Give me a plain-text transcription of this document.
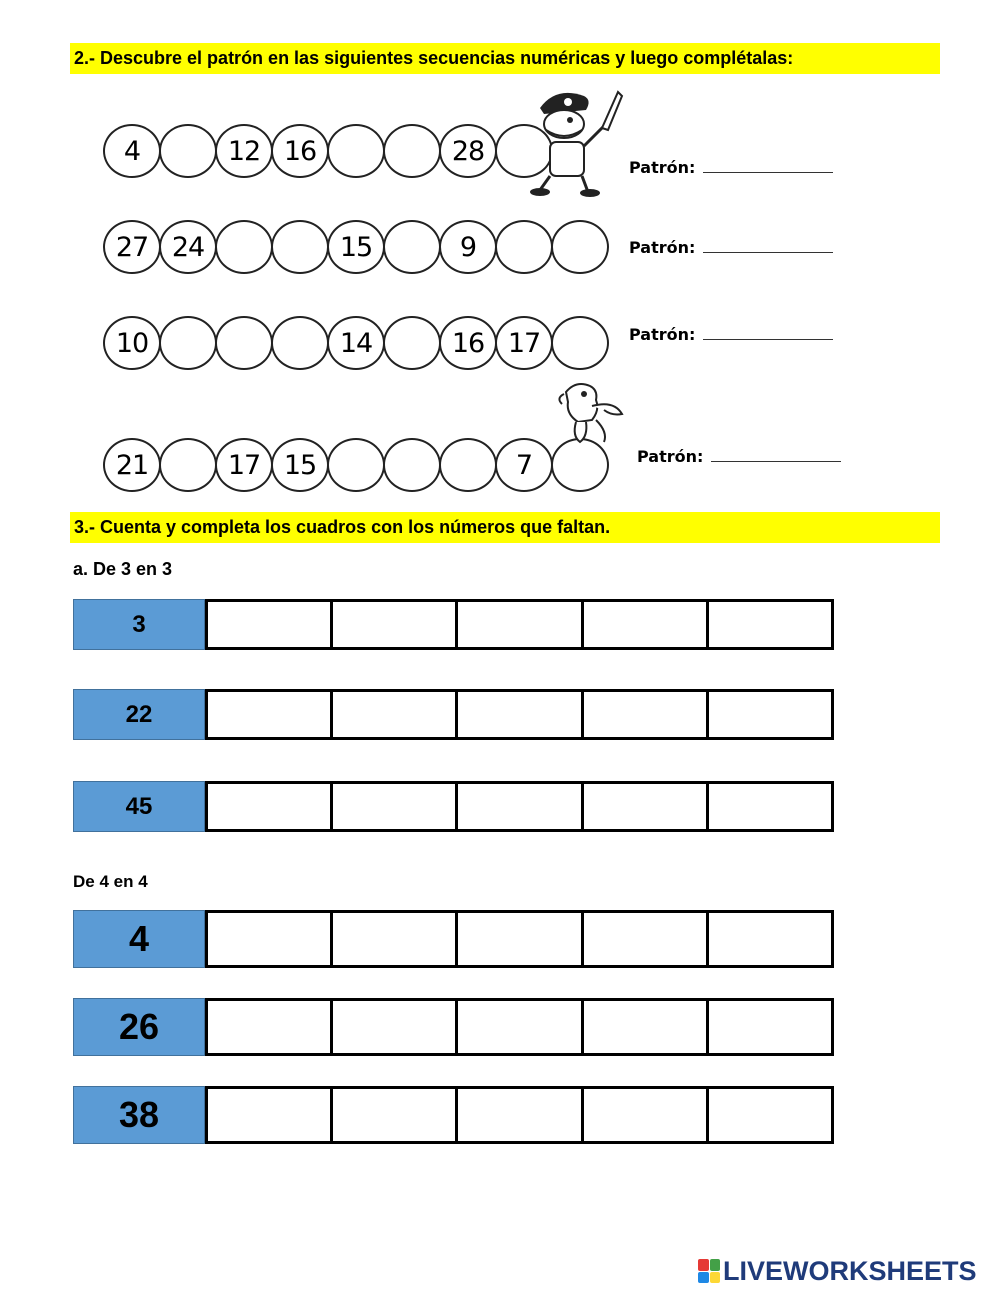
2.- Descubre el patrón en las siguientes secuencias numéricas y luego complétalas:
4	12 16	28
Patrón:
27 24	15	9	Patrón:
10	14	16 17	Patrón:
21	17 15	7	Patrón:
3.- Cuenta y completa los cuadros con los números que faltan.
a. De 3 en 3
3
22
45
De 4 en 4
4
26
38
LIVEWORKSHEETS
